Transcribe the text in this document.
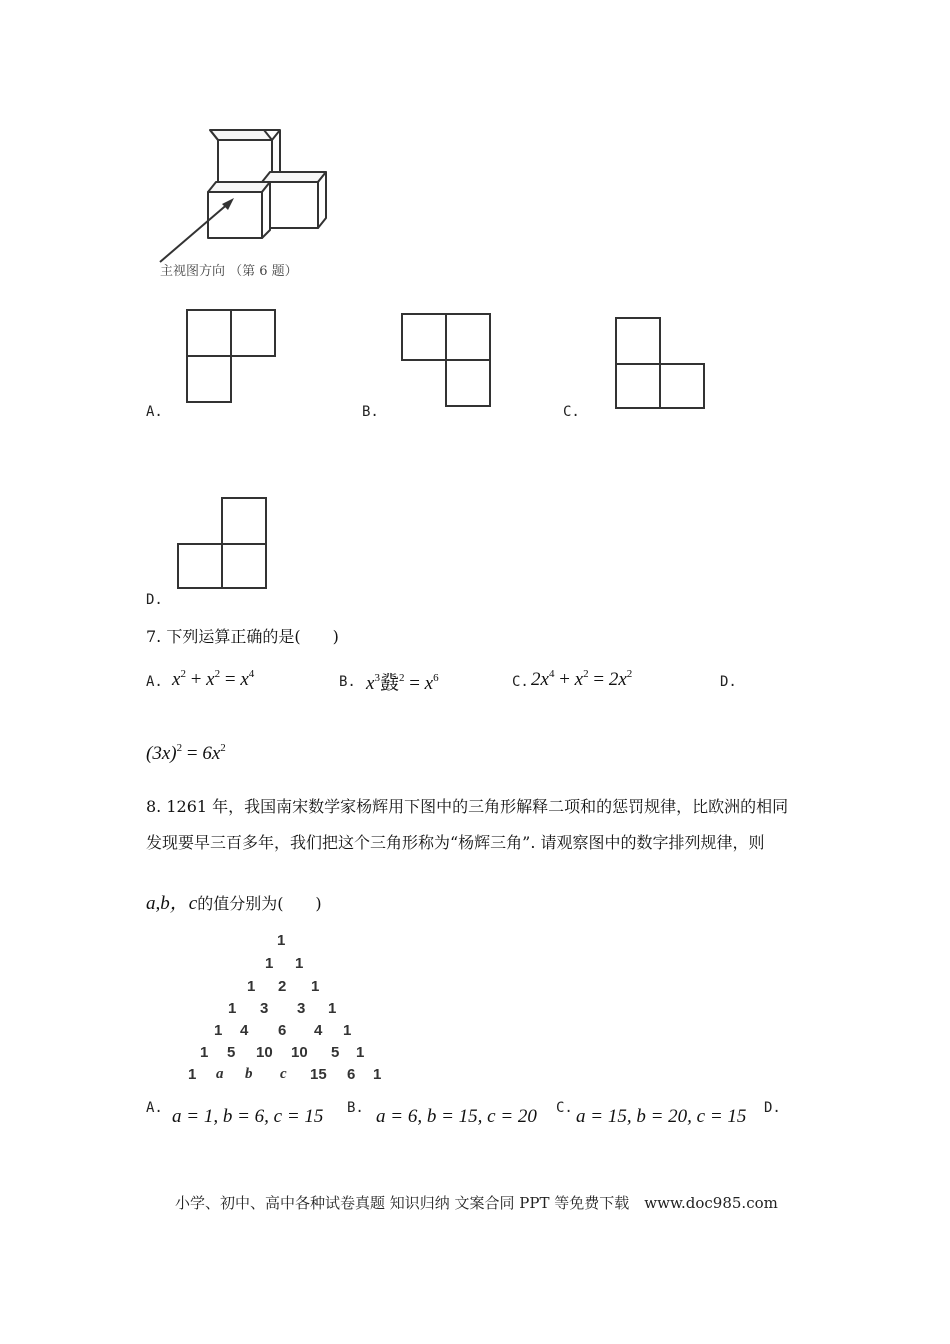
主视图方向 （第 6 题）
A.	B.	C.
D.
7. 下列运算正确的是(　　)
A. $x^2 + x^2 = x^4$	B. $x^3$鼗$^2 = x^6$	C. $2x^4 + x^2 = 2x^2$	D.
$(3x)^2 = 6x^2$
8. 1261 年，我国南宋数学家杨辉用下图中的三角形解释二项和的惩罚规律，比欧洲的相同
发现要早三百多年，我们把这个三角形称为“杨辉三角”. 请观察图中的数字排列规律，则
a,b，c的值分别为(　　)
1
1 1
1 2 1
1 3 3 1
1 4 6 4 1
1 5 10 10 5 1
1 a b c 15 6 1
A. a = 1, b = 6, c = 15 B. a = 6, b = 15, c = 20 C. a = 15, b = 20, c = 15 D.
小学、初中、高中各种试卷真题 知识归纳 文案合同 PPT 等免费下载　www.doc985.com
